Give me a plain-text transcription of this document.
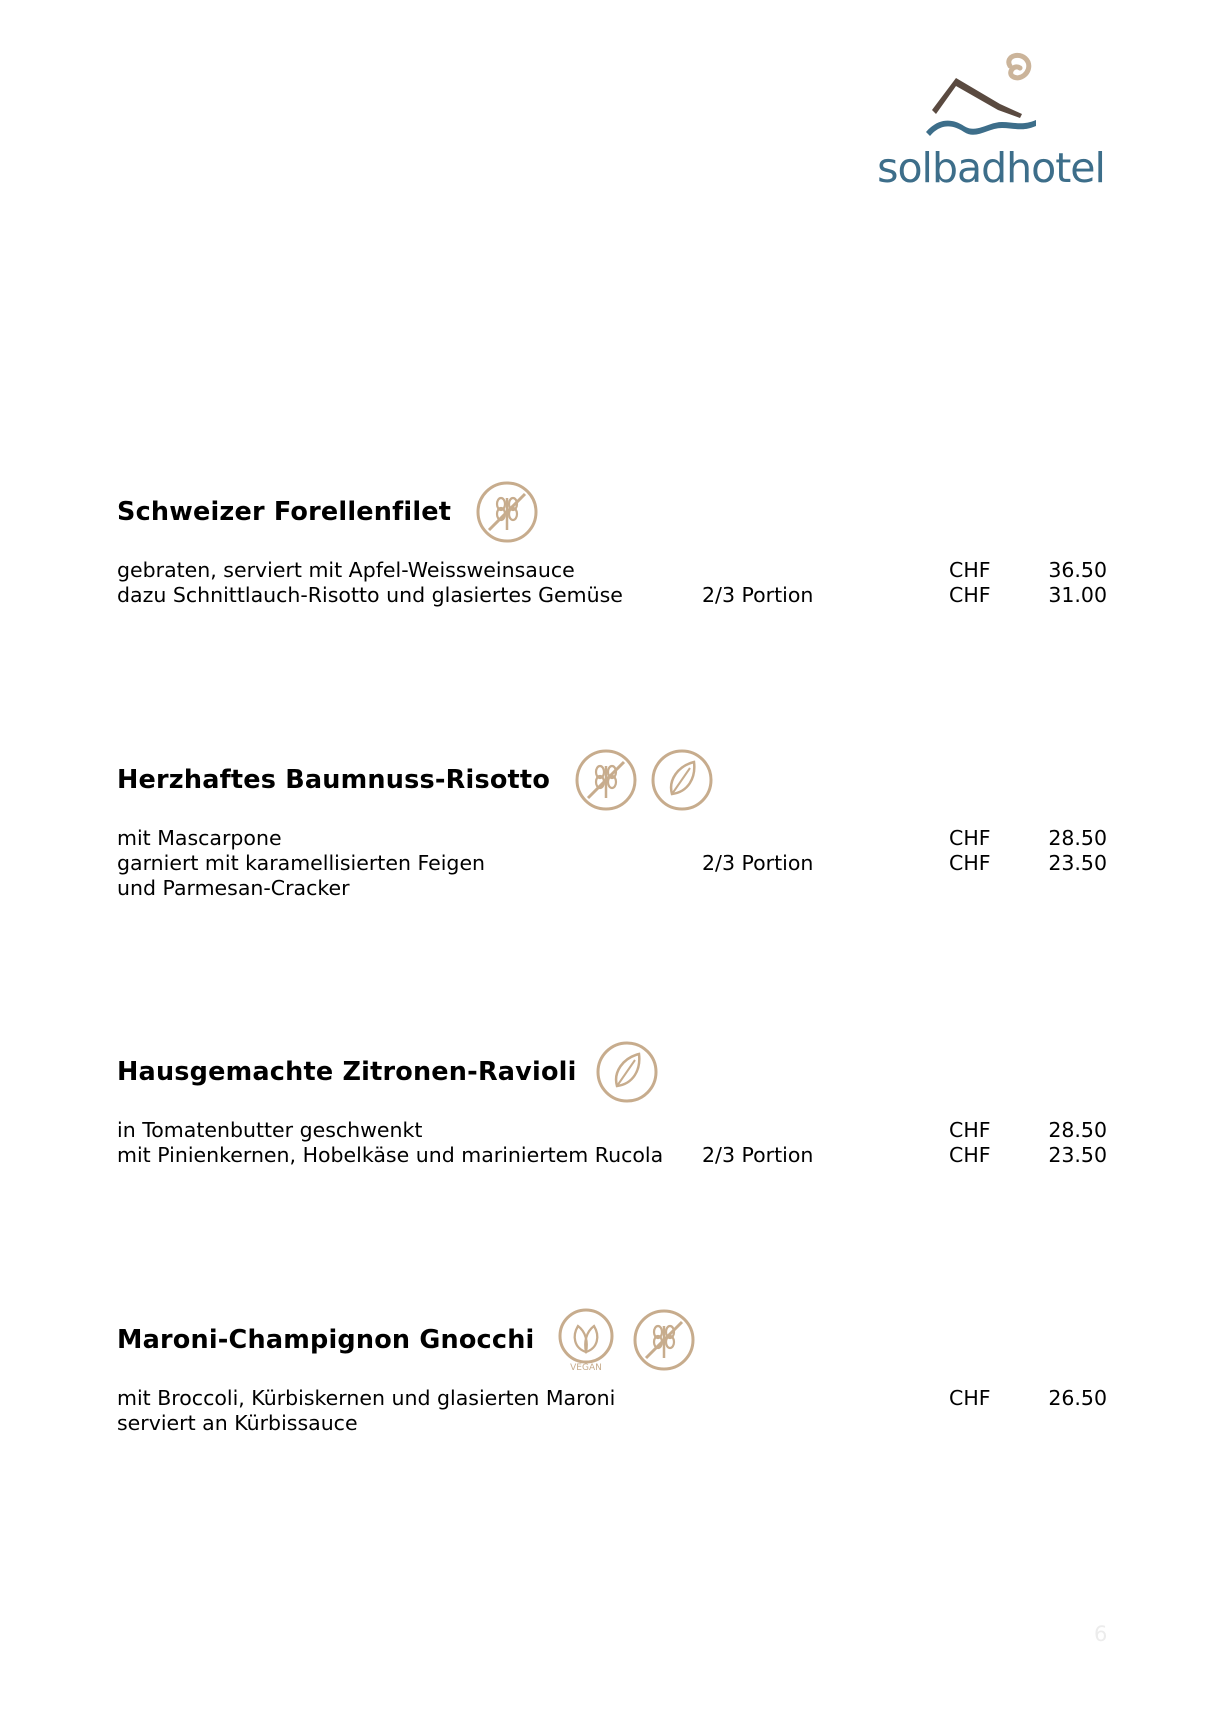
solbadhotel
Schweizer Forellenfilet
gebraten, serviert mit Apfel-Weissweinsauce	CHF	36.50
dazu Schnittlauch-Risotto und glasiertes Gemüse	2/3 Portion	CHF	31.00
Herzhaftes Baumnuss-Risotto
mit Mascarpone	CHF	28.50
garniert mit karamellisierten Feigen	2/3 Portion	CHF	23.50
und Parmesan-Cracker
Hausgemachte Zitronen-Ravioli
in Tomatenbutter geschwenkt	CHF	28.50
mit Pinienkernen, Hobelkäse und mariniertem Rucola 2/3 Portion	CHF	23.50
Maroni-Champignon Gnocchi
VEGAN
mit Broccoli, Kürbiskernen und glasierten Maroni	CHF	26.50
serviert an Kürbissauce
6
